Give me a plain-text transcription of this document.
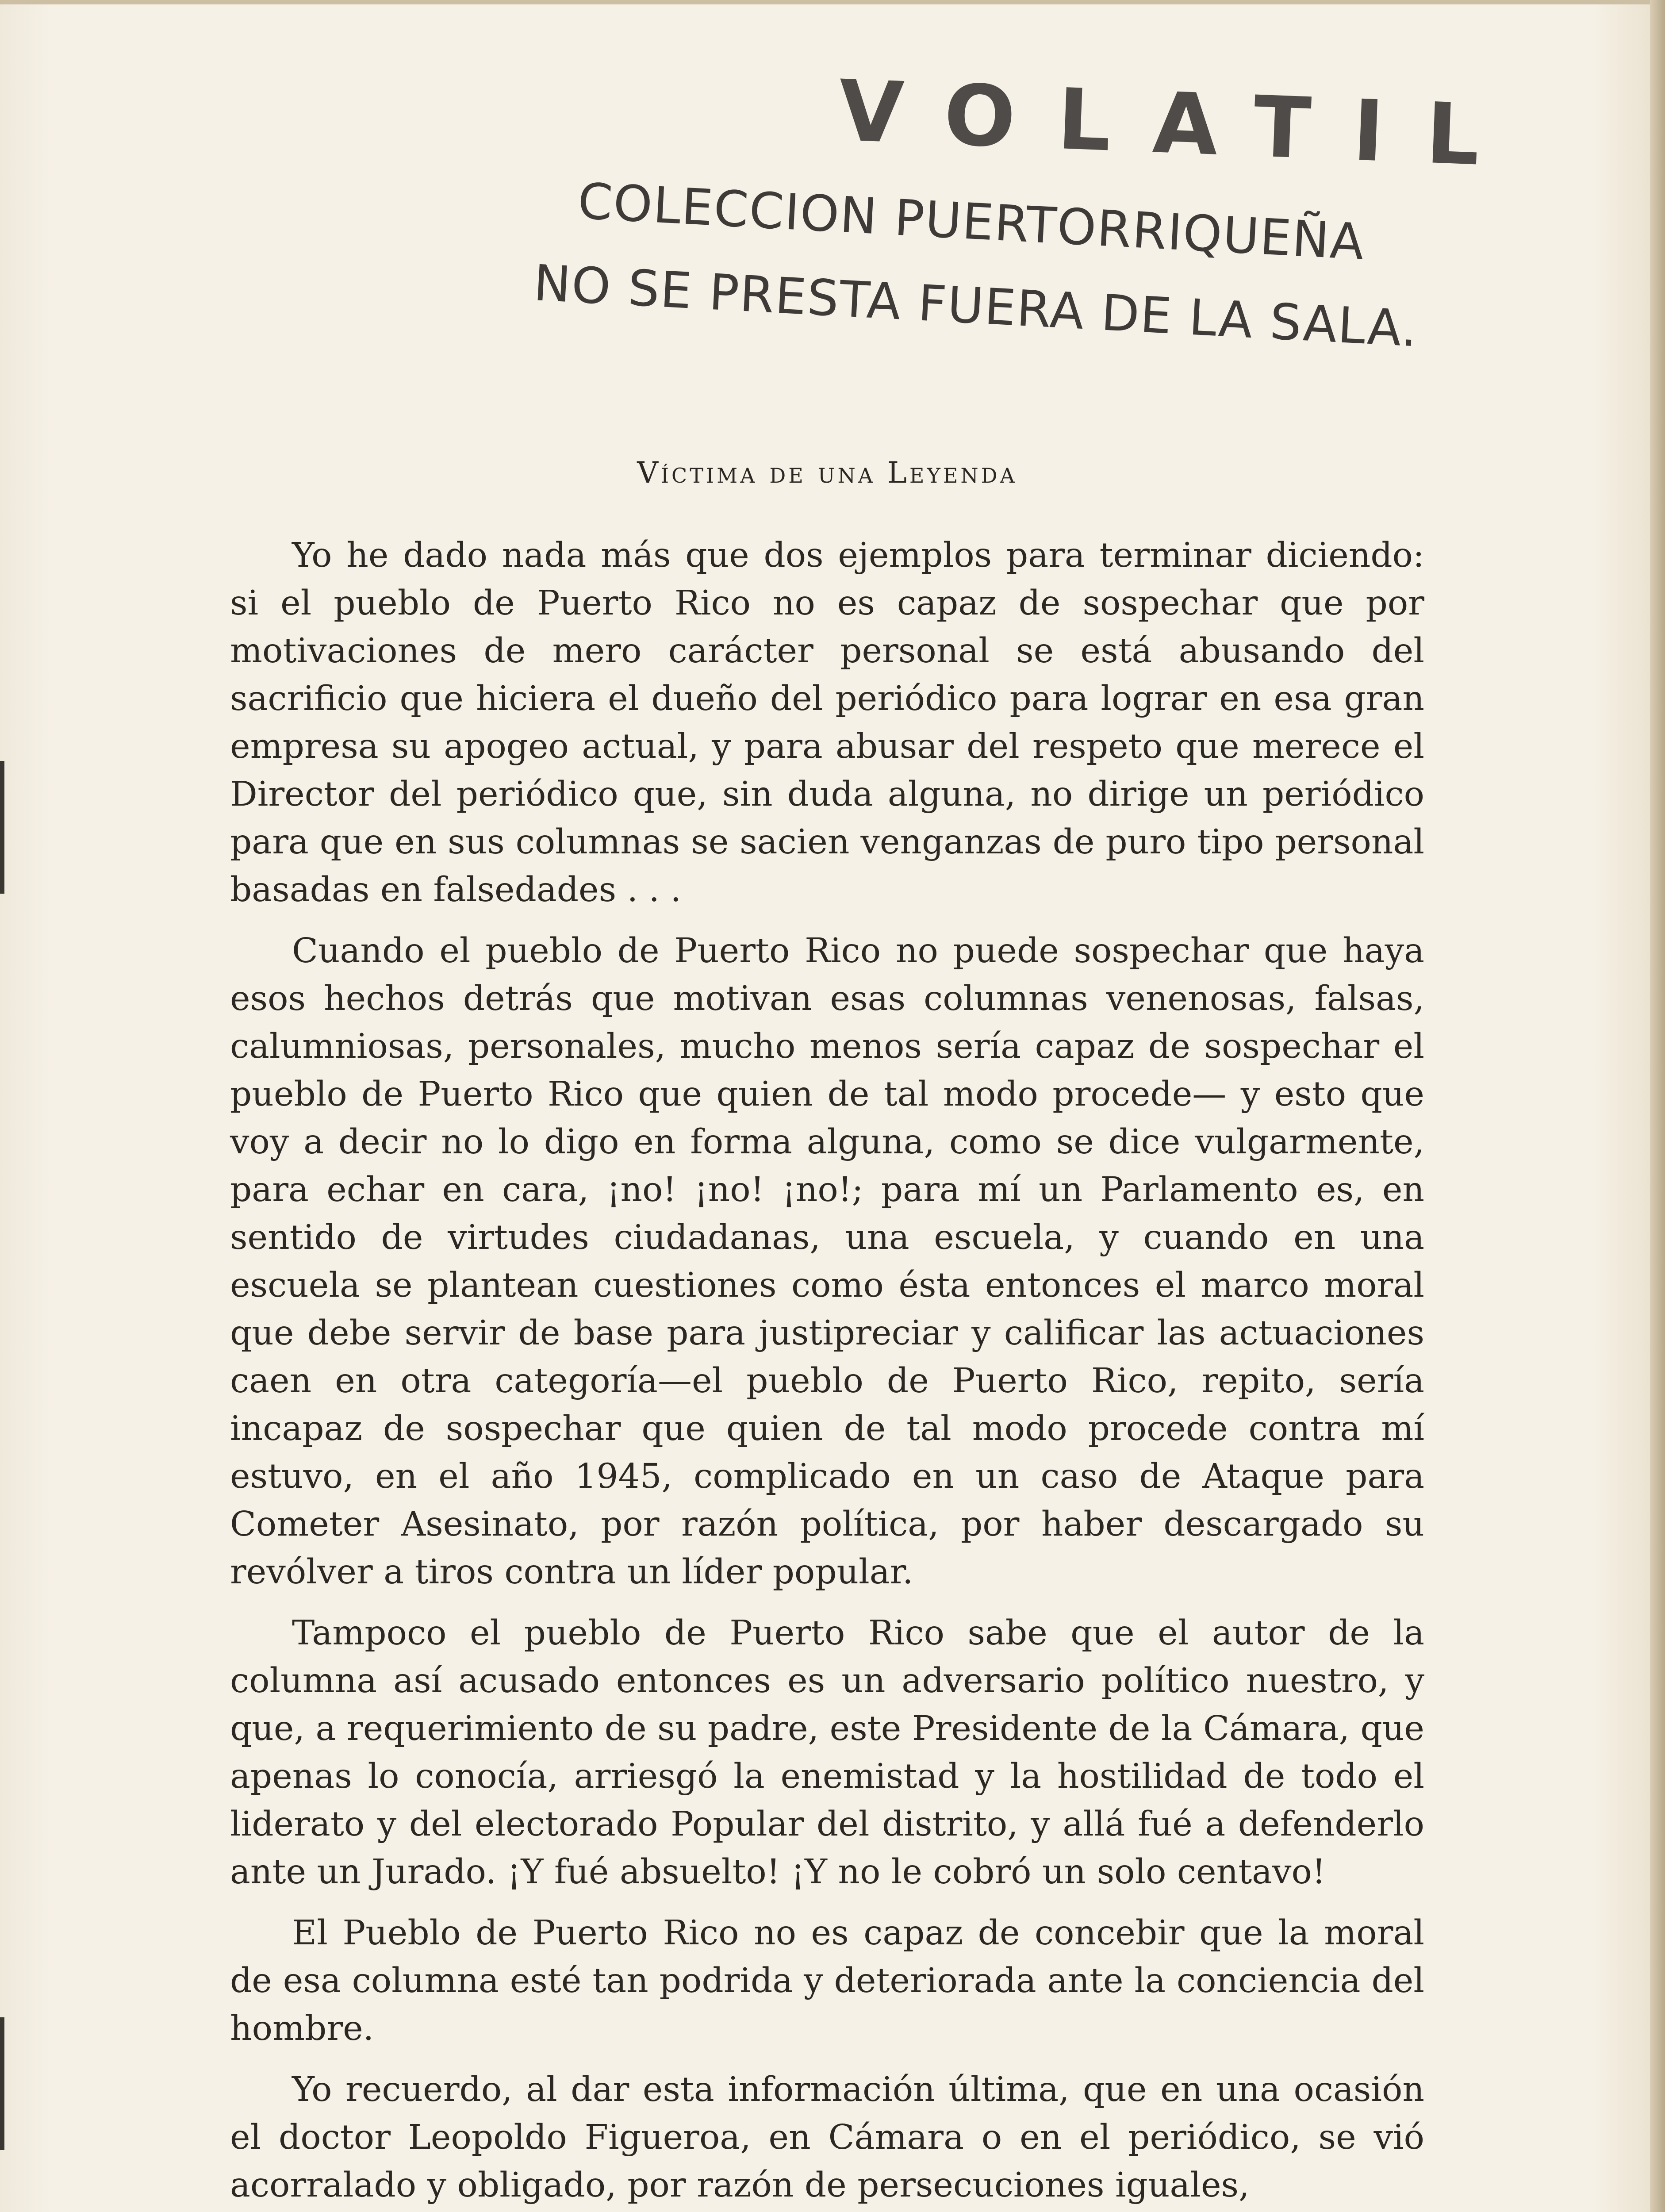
VOLATIL
COLECCION PUERTORRIQUEÑA
NO SE PRESTA FUERA DE LA SALA.
Víctima de una Leyenda

Yo he dado nada más que dos ejemplos para terminar diciendo: si el pueblo de Puerto Rico no es capaz de sospechar que por motivaciones de mero carácter personal se está abusando del sacrificio que hiciera el dueño del periódico para lograr en esa gran empresa su apogeo actual, y para abusar del respeto que merece el Director del periódico que, sin duda alguna, no dirige un periódico para que en sus columnas se sacien venganzas de puro tipo personal basadas en falsedades . . .

Cuando el pueblo de Puerto Rico no puede sospechar que haya esos hechos detrás que motivan esas columnas venenosas, falsas, calumniosas, personales, mucho menos sería capaz de sospechar el pueblo de Puerto Rico que quien de tal modo procede— y esto que voy a decir no lo digo en forma alguna, como se dice vulgarmente, para echar en cara, ¡no! ¡no! ¡no!; para mí un Parlamento es, en sentido de virtudes ciudadanas, una escuela, y cuando en una escuela se plantean cuestiones como ésta entonces el marco moral que debe servir de base para justipreciar y calificar las actuaciones caen en otra categoría—el pueblo de Puerto Rico, repito, sería incapaz de sospechar que quien de tal modo procede contra mí estuvo, en el año 1945, complicado en un caso de Ataque para Cometer Asesinato, por razón política, por haber descargado su revólver a tiros contra un líder popular.

Tampoco el pueblo de Puerto Rico sabe que el autor de la columna así acusado entonces es un adversario político nuestro, y que, a requerimiento de su padre, este Presidente de la Cámara, que apenas lo conocía, arriesgó la enemistad y la hostilidad de todo el liderato y del electorado Popular del distrito, y allá fué a defenderlo ante un Jurado. ¡Y fué absuelto! ¡Y no le cobró un solo centavo!

El Pueblo de Puerto Rico no es capaz de concebir que la moral de esa columna esté tan podrida y deteriorada ante la conciencia del hombre.

Yo recuerdo, al dar esta información última, que en una ocasión el doctor Leopoldo Figueroa, en Cámara o en el periódico, se vió acorralado y obligado, por razón de persecuciones iguales,
